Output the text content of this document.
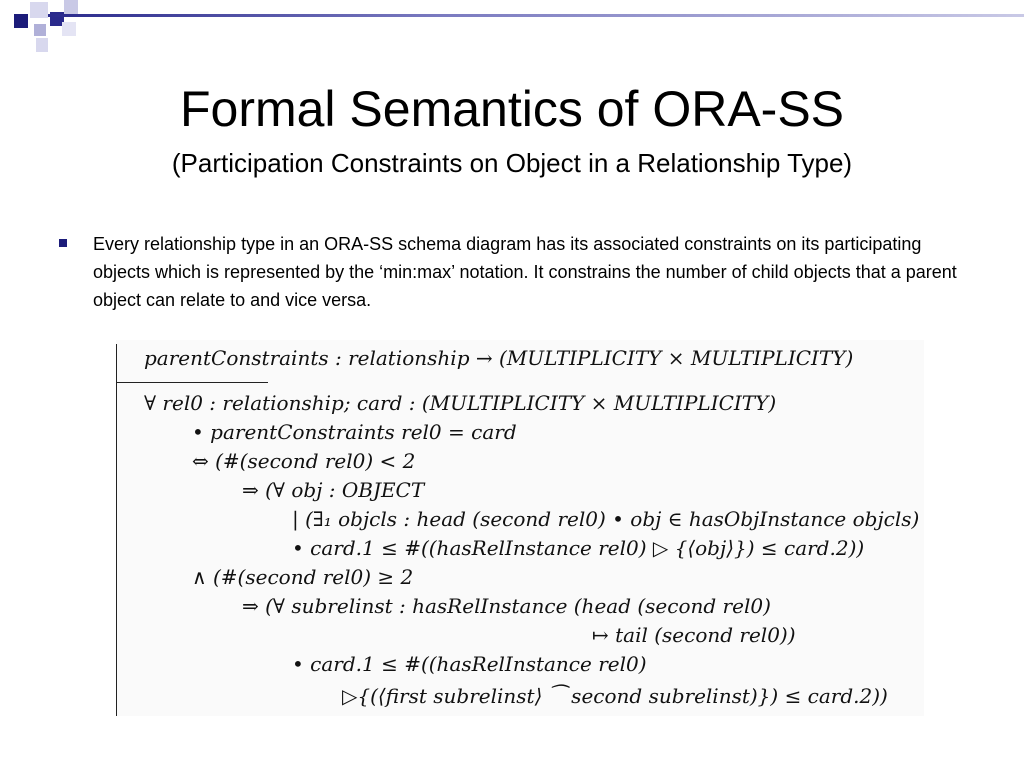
Formal Semantics of ORA-SS
(Participation Constraints on Object in a Relationship Type)
Every relationship type in an ORA-SS schema diagram has its associated constraints on its participating objects which is represented by the ‘min:max’ notation. It constrains the number of child objects that a parent object can relate to and vice versa.
parentConstraints : relationship → (MULTIPLICITY × MULTIPLICITY)
∀ rel0 : relationship; card : (MULTIPLICITY × MULTIPLICITY)
• parentConstraints rel0 = card
⇔ (#(second rel0) < 2
⇒ (∀ obj : OBJECT
| (∃₁ objcls : head (second rel0) • obj ∈ hasObjInstance objcls)
• card.1 ≤ #((hasRelInstance rel0) ▷ {⟨obj⟩}) ≤ card.2))
∧ (#(second rel0) ≥ 2
⇒ (∀ subrelinst : hasRelInstance (head (second rel0)
↦ tail (second rel0))
• card.1 ≤ #((hasRelInstance rel0)
▷{(⟨first subrelinst⟩ ⁀ second subrelinst)}) ≤ card.2))
